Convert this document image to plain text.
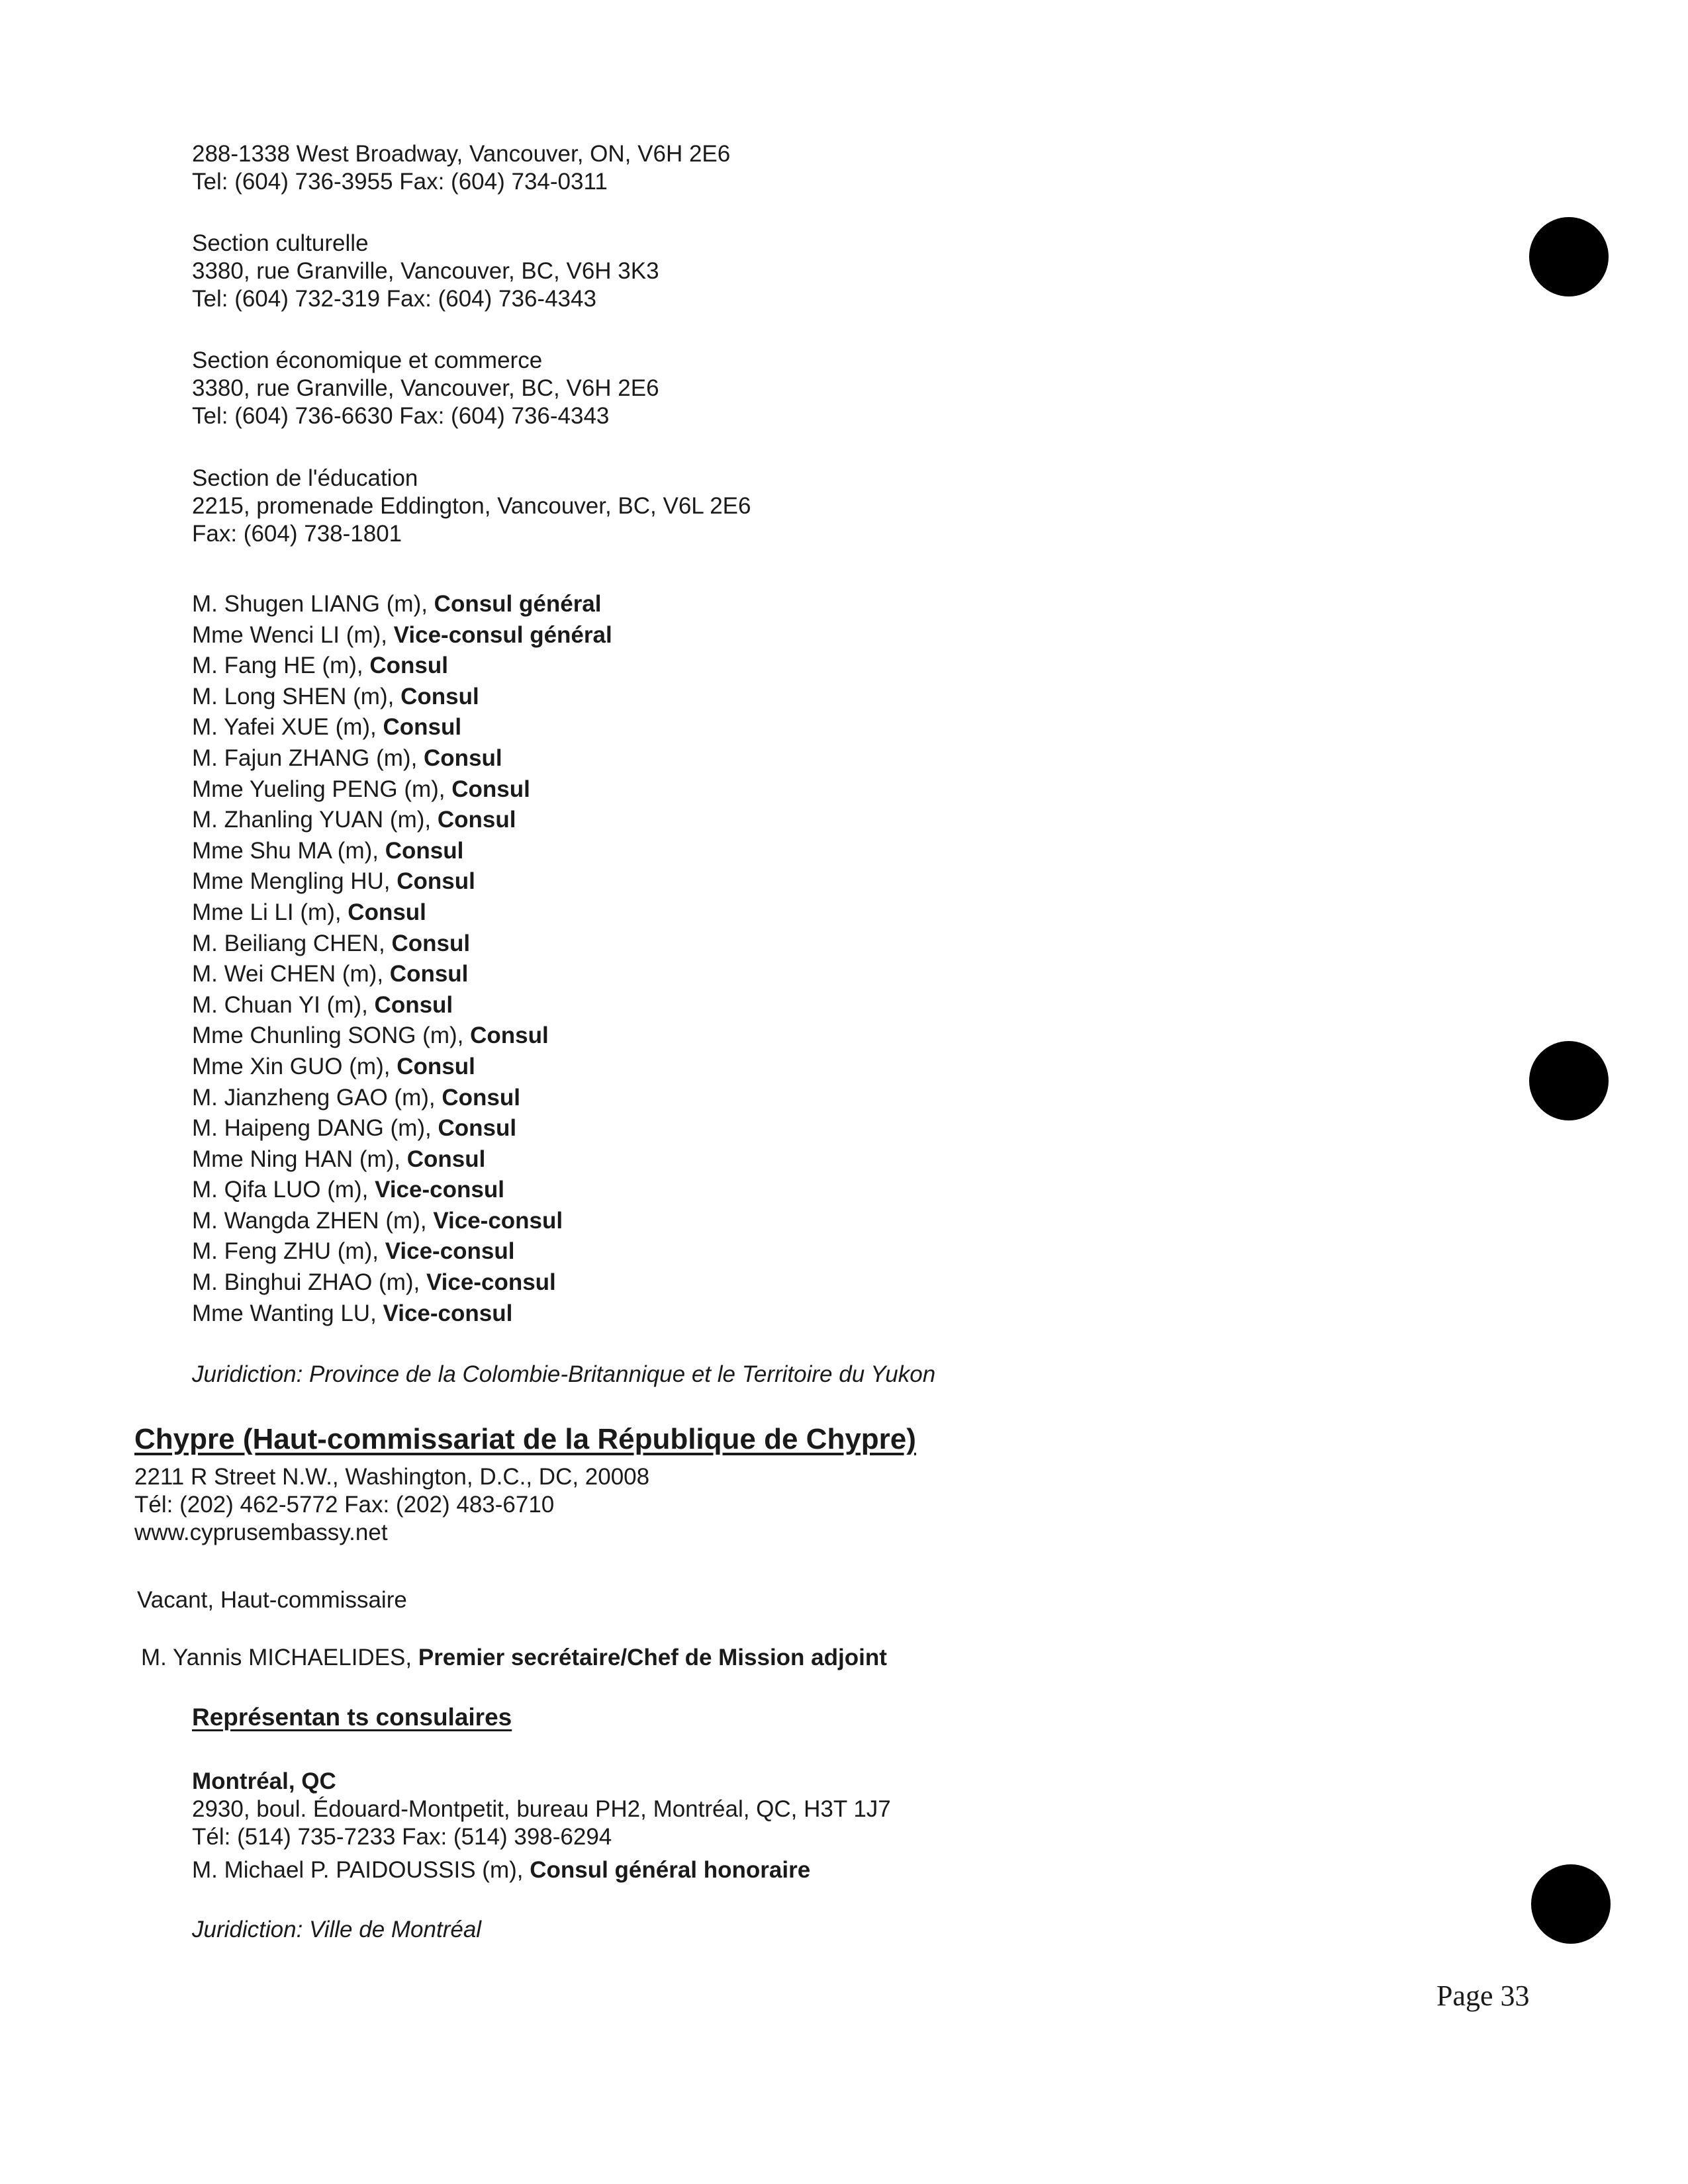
288-1338 West Broadway, Vancouver, ON, V6H 2E6
Tel: (604) 736-3955 Fax: (604) 734-0311
Section culturelle
3380, rue Granville, Vancouver, BC, V6H 3K3
Tel: (604) 732-319 Fax: (604) 736-4343
Section économique et commerce
3380, rue Granville, Vancouver, BC, V6H 2E6
Tel: (604) 736-6630 Fax: (604) 736-4343
Section de l'éducation
2215, promenade Eddington, Vancouver, BC, V6L 2E6
Fax: (604) 738-1801
M. Shugen LIANG (m), Consul général
Mme Wenci LI (m), Vice-consul général
M. Fang HE (m), Consul
M. Long SHEN (m), Consul
M. Yafei XUE (m), Consul
M. Fajun ZHANG (m), Consul
Mme Yueling PENG (m), Consul
M. Zhanling YUAN (m), Consul
Mme Shu MA (m), Consul
Mme Mengling HU, Consul
Mme Li LI (m), Consul
M. Beiliang CHEN, Consul
M. Wei CHEN (m), Consul
M. Chuan YI (m), Consul
Mme Chunling SONG (m), Consul
Mme Xin GUO (m), Consul
M. Jianzheng GAO (m), Consul
M. Haipeng DANG (m), Consul
Mme Ning HAN (m), Consul
M. Qifa LUO (m), Vice-consul
M. Wangda ZHEN (m), Vice-consul
M. Feng ZHU (m), Vice-consul
M. Binghui ZHAO (m), Vice-consul
Mme Wanting LU, Vice-consul
Juridiction: Province de la Colombie-Britannique et le Territoire du Yukon
Chypre (Haut-commissariat de la République de Chypre)
2211 R Street N.W., Washington, D.C., DC, 20008
Tél: (202) 462-5772 Fax: (202) 483-6710
www.cyprusembassy.net
Vacant, Haut-commissaire
M. Yannis MICHAELIDES, Premier secrétaire/Chef de Mission adjoint
Représentan ts consulaires
Montréal, QC
2930, boul. Édouard-Montpetit, bureau PH2, Montréal, QC, H3T 1J7
Tél: (514) 735-7233 Fax: (514) 398-6294
M. Michael P. PAIDOUSSIS (m), Consul général honoraire
Juridiction: Ville de Montréal
Page 33
